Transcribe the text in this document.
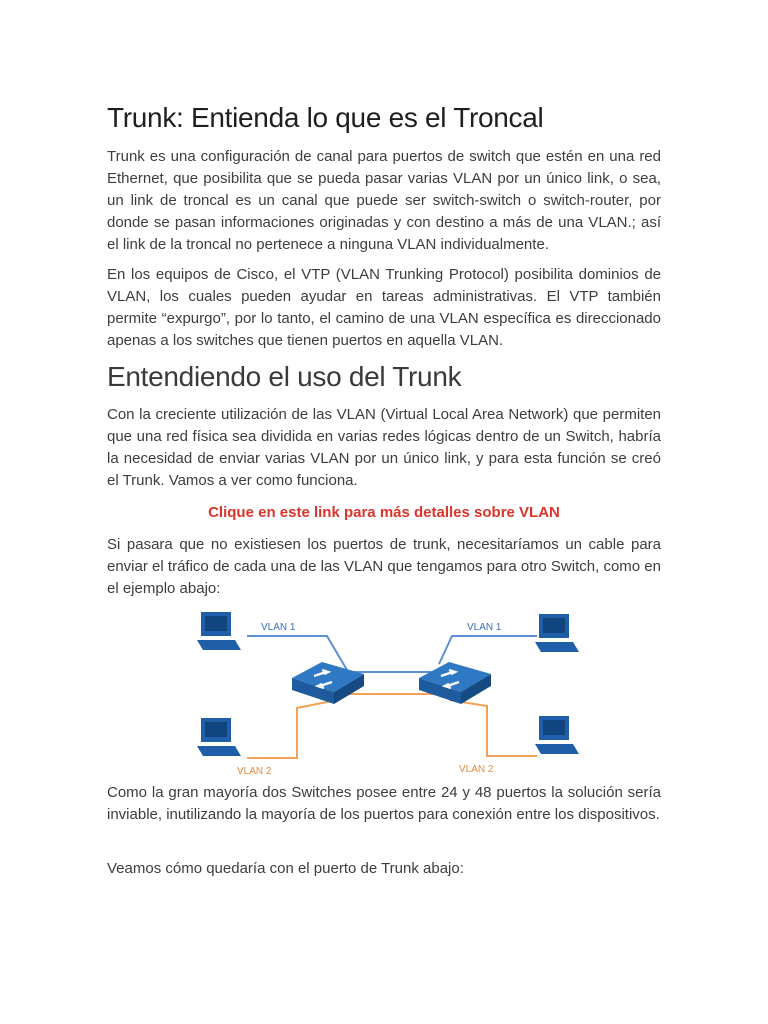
Trunk: Entienda lo que es el Troncal

Trunk es una configuración de canal para puertos de switch que estén en una red Ethernet, que posibilita que se pueda pasar varias VLAN por un único link, o sea, un link de troncal es un canal que puede ser switch-switch o switch-router, por donde se pasan informaciones originadas y con destino a más de una VLAN.; así el link de la troncal no pertenece a ninguna VLAN individualmente.

En los equipos de Cisco, el VTP (VLAN Trunking Protocol) posibilita dominios de VLAN, los cuales pueden ayudar en tareas administrativas. El VTP también permite “expurgo”, por lo tanto, el camino de una VLAN específica es direccionado apenas a los switches que tienen puertos en aquella VLAN.

Entendiendo el uso del Trunk

Con la creciente utilización de las VLAN (Virtual Local Area Network) que permiten que una red física sea dividida en varias redes lógicas dentro de un Switch, habría la necesidad de enviar varias VLAN por un único link, y para esta función se creó el Trunk. Vamos a ver como funciona.

Clique en este link para más detalles sobre VLAN

Si pasara que no existiesen los puertos de trunk, necesitaríamos un cable para enviar el tráfico de cada una de las VLAN que tengamos para otro Switch, como en el ejemplo abajo:

VLAN 1	VLAN 1
VLAN 2	VLAN 2

Como la gran mayoría dos Switches posee entre 24 y 48 puertos la solución sería inviable, inutilizando la mayoría de los puertos para conexión entre los dispositivos.

Veamos cómo quedaría con el puerto de Trunk abajo:
